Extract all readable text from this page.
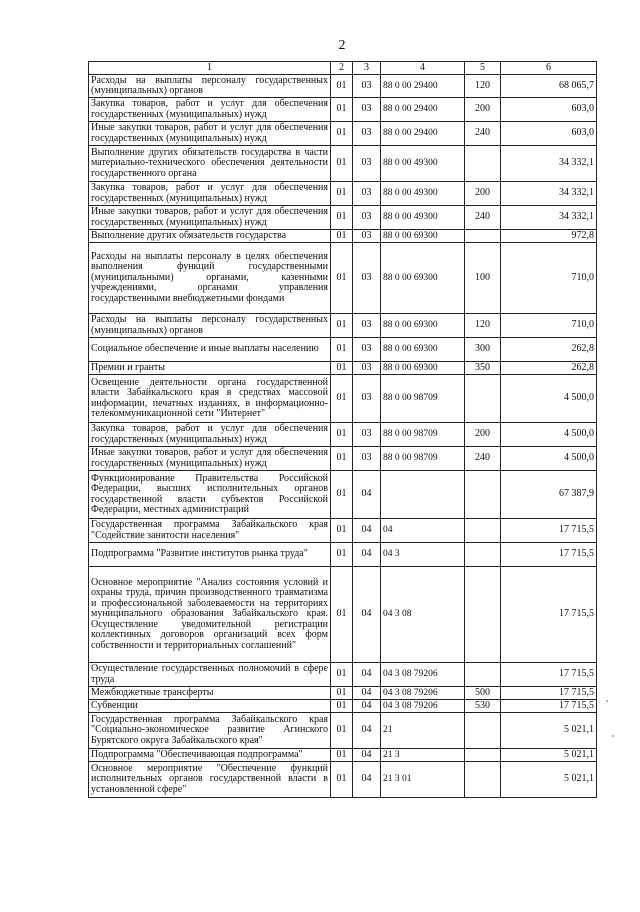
2
1	2	3	4	5	6
Расходы на выплаты персоналу государственных (муниципальных) органов	01	03	88 0 00 29400	120	68 065,7
Закупка товаров, работ и услуг для обеспечения государственных (муниципальных) нужд	01	03	88 0 00 29400	200	603,0
Иные закупки товаров, работ и услуг для обеспечения государственных (муниципальных) нужд	01	03	88 0 00 29400	240	603,0
Выполнение других обязательств государства в части материально-технического обеспечения деятельности государственного органа	01	03	88 0 00 49300		34 332,1
Закупка товаров, работ и услуг для обеспечения государственных (муниципальных) нужд	01	03	88 0 00 49300	200	34 332,1
Иные закупки товаров, работ и услуг для обеспечения государственных (муниципальных) нужд	01	03	88 0 00 49300	240	34 332,1
Выполнение других обязательств государства	01	03	88 0 00 69300		972,8
Расходы на выплаты персоналу в целях обеспечения выполнения функций государственными (муниципальными) органами, казенными учреждениями, органами управления государственными внебюджетными фондами	01	03	88 0 00 69300	100	710,0
Расходы на выплаты персоналу государственных (муниципальных) органов	01	03	88 0 00 69300	120	710,0
Социальное обеспечение и иные выплаты населению	01	03	88 0 00 69300	300	262,8
Премии и гранты	01	03	88 0 00 69300	350	262,8
Освещение деятельности органа государственной власти Забайкальского края в средствах массовой информации, печатных изданиях, в информационно-телекоммуникационной сети "Интернет"	01	03	88 0 00 98709		4 500,0
Закупка товаров, работ и услуг для обеспечения государственных (муниципальных) нужд	01	03	88 0 00 98709	200	4 500,0
Иные закупки товаров, работ и услуг для обеспечения государственных (муниципальных) нужд	01	03	88 0 00 98709	240	4 500,0
Функционирование Правительства Российской Федерации, высших исполнительных органов государственной власти субъектов Российской Федерации, местных администраций	01	04			67 387,9
Государственная программа Забайкальского края "Содействие занятости населения"	01	04	04		17 715,5
Подпрограмма "Развитие институтов рынка труда"	01	04	04 3		17 715,5
Основное мероприятие "Анализ состояния условий и охраны труда, причин производственного травматизма и профессиональной заболеваемости на территориях муниципального образования Забайкальского края. Осуществление уведомительной регистрации коллективных договоров организаций всех форм собственности и территориальных соглашений"	01	04	04 3 08		17 715,5
Осуществление государственных полномочий в сфере труда	01	04	04 3 08 79206		17 715,5
Межбюджетные трансферты	01	04	04 3 08 79206	500	17 715,5
Субвенции	01	04	04 3 08 79206	530	17 715,5
Государственная программа Забайкальского края "Социально-экономическое развитие Агинского Бурятского округа Забайкальского края"	01	04	21		5 021,1
Подпрограмма "Обеспечивающая подпрограмма"	01	04	21 3		5 021,1
Основное мероприятие "Обеспечение функций исполнительных органов государственной власти в установленной сфере"	01	04	21 3 01		5 021,1
